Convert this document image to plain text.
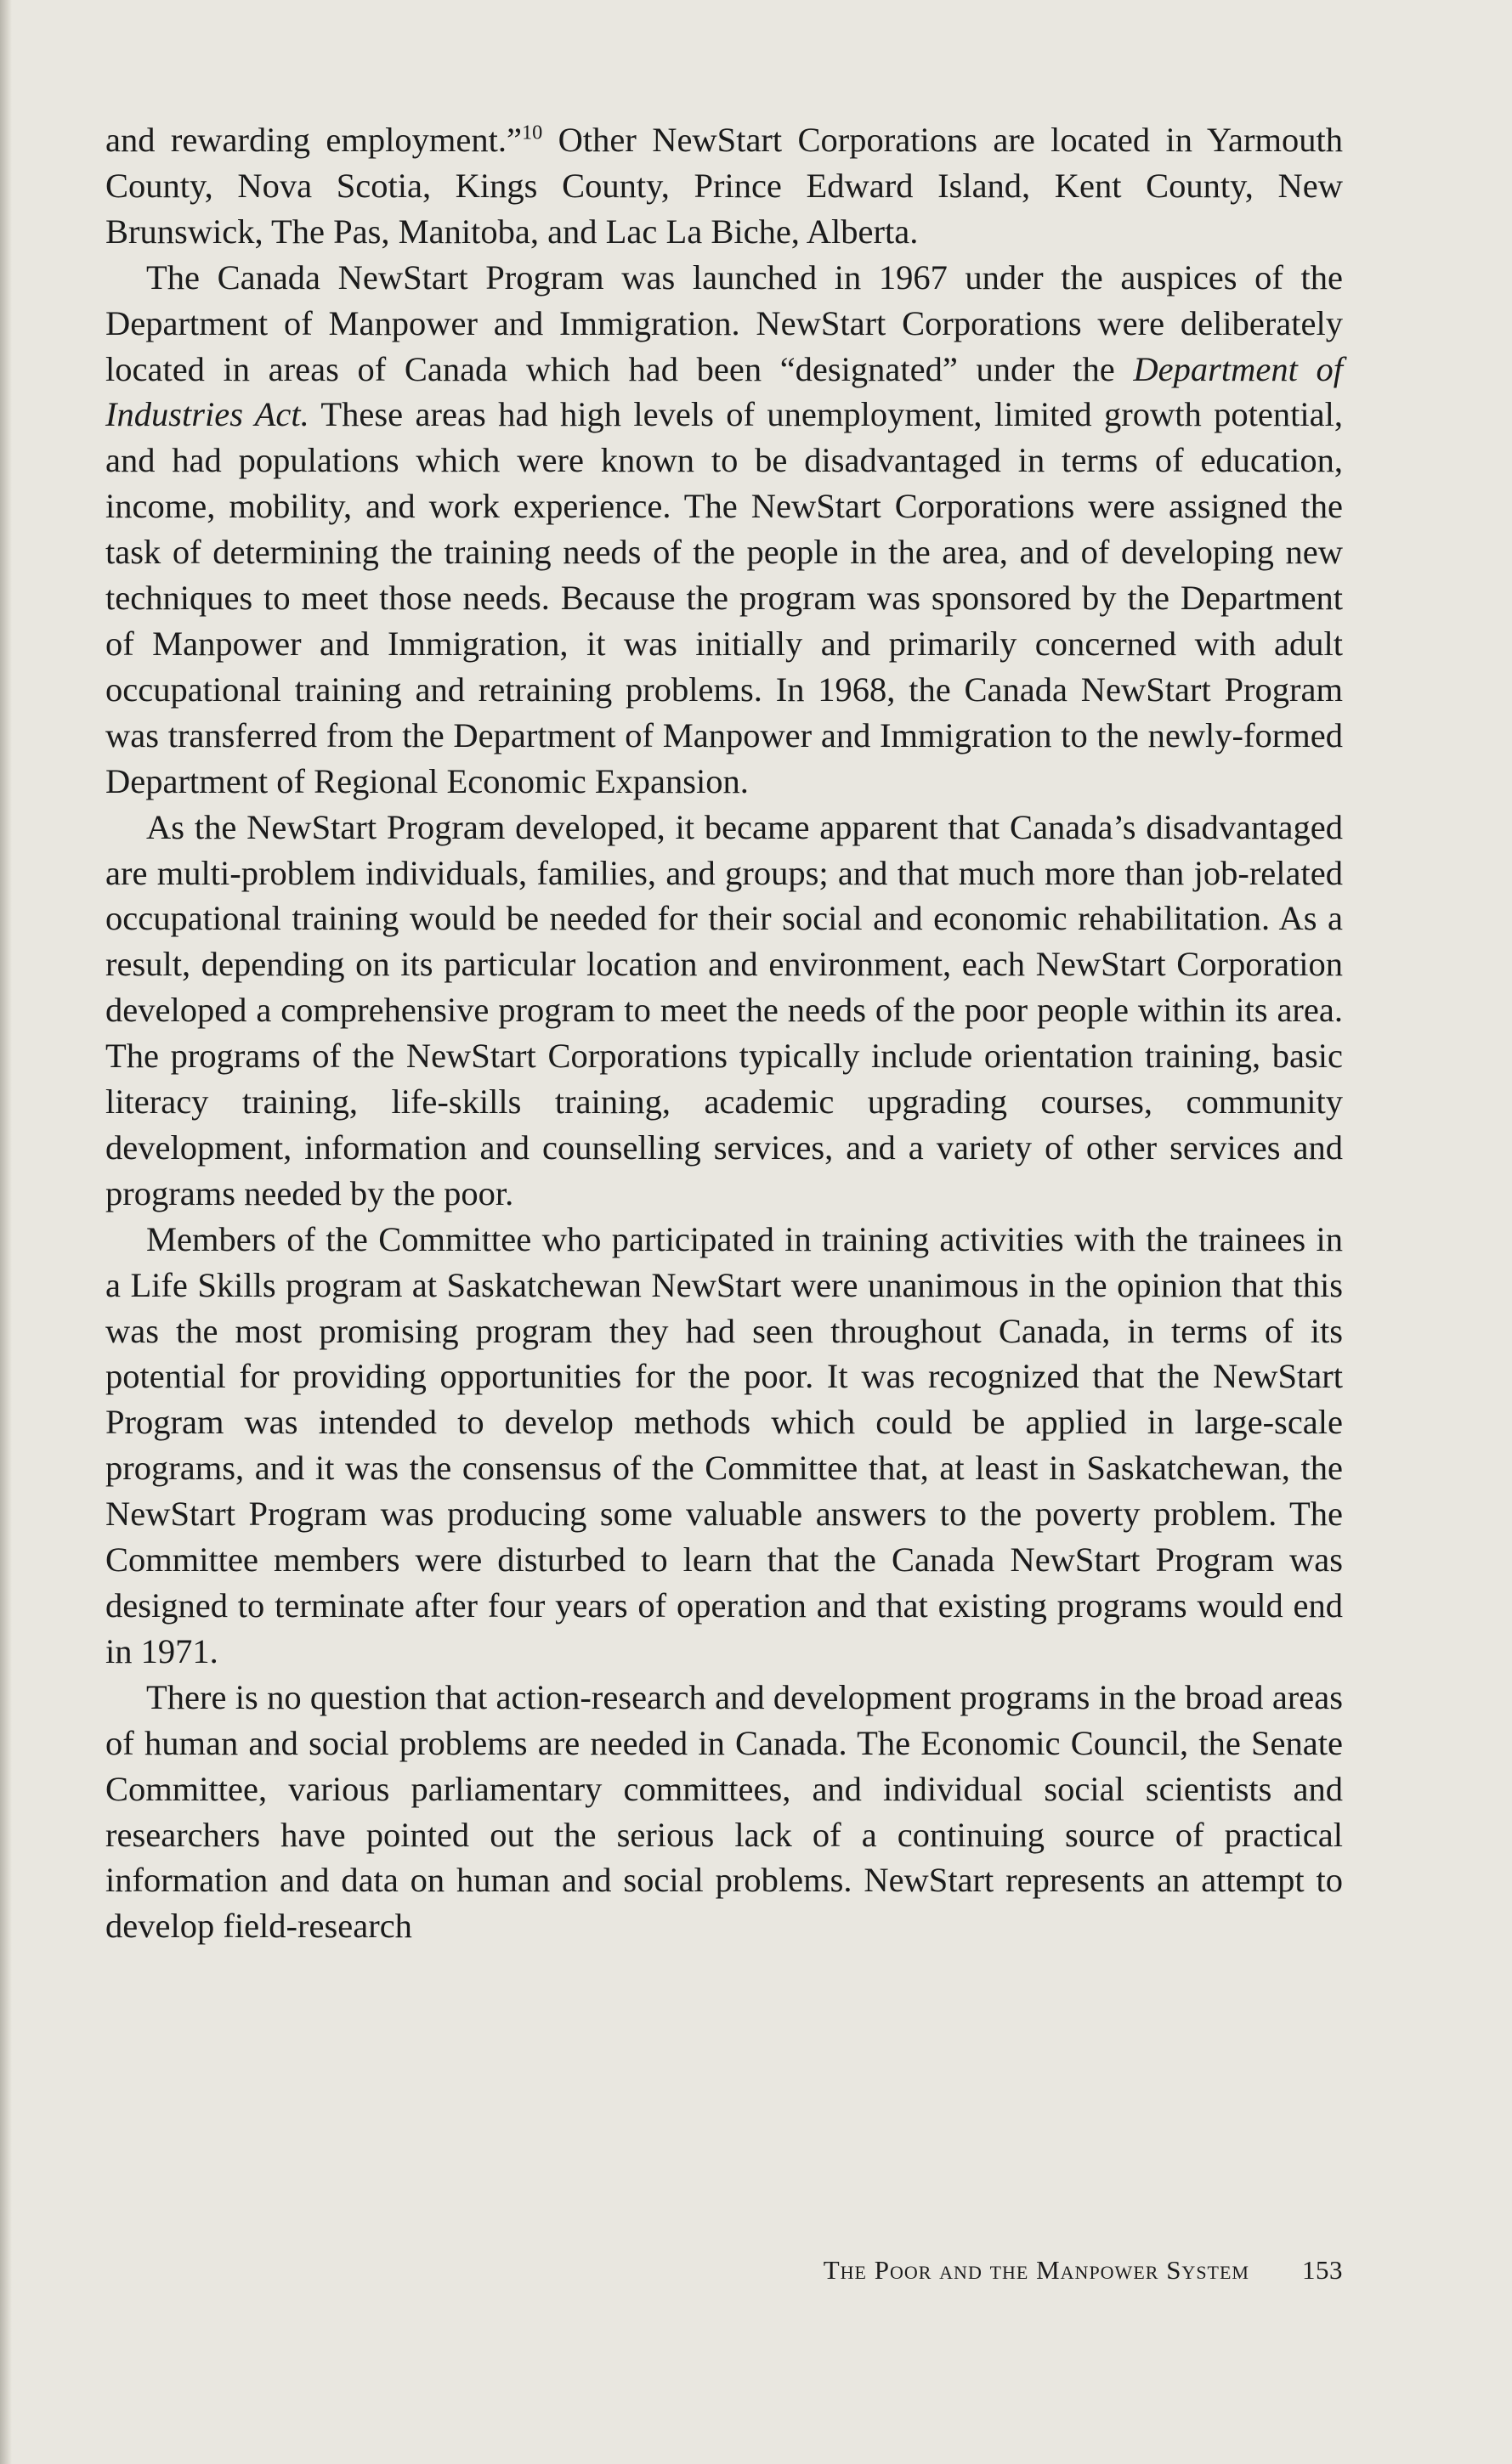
and rewarding employment.”$^{10}$ Other NewStart Corporations are located in Yarmouth County, Nova Scotia, Kings County, Prince Edward Island, Kent County, New Brunswick, The Pas, Manitoba, and Lac La Biche, Alberta.

The Canada NewStart Program was launched in 1967 under the auspices of the Department of Manpower and Immigration. NewStart Corporations were deliberately located in areas of Canada which had been “designated” under the Department of Industries Act. These areas had high levels of unemployment, limited growth potential, and had populations which were known to be disadvantaged in terms of education, income, mobility, and work experience. The NewStart Corporations were assigned the task of determining the training needs of the people in the area, and of developing new techniques to meet those needs. Because the program was sponsored by the Department of Manpower and Immigration, it was initially and primarily concerned with adult occupational training and retraining problems. In 1968, the Canada NewStart Program was transferred from the Department of Manpower and Immigration to the newly-formed Department of Regional Economic Expansion.

As the NewStart Program developed, it became apparent that Canada’s disadvantaged are multi-problem individuals, families, and groups; and that much more than job-related occupational training would be needed for their social and economic rehabilitation. As a result, depending on its particular location and environment, each NewStart Corporation developed a comprehensive program to meet the needs of the poor people within its area. The programs of the NewStart Corporations typically include orientation training, basic literacy training, life-skills training, academic upgrading courses, community development, information and counselling services, and a variety of other services and programs needed by the poor.

Members of the Committee who participated in training activities with the trainees in a Life Skills program at Saskatchewan NewStart were unanimous in the opinion that this was the most promising program they had seen throughout Canada, in terms of its potential for providing opportunities for the poor. It was recognized that the NewStart Program was intended to develop methods which could be applied in large-scale programs, and it was the consensus of the Committee that, at least in Saskatchewan, the NewStart Program was producing some valuable answers to the poverty problem. The Committee members were disturbed to learn that the Canada NewStart Program was designed to terminate after four years of operation and that existing programs would end in 1971.

There is no question that action-research and development programs in the broad areas of human and social problems are needed in Canada. The Economic Council, the Senate Committee, various parliamentary committees, and individual social scientists and researchers have pointed out the serious lack of a continuing source of practical information and data on human and social problems. NewStart represents an attempt to develop field-research

The Poor and the Manpower System 153
